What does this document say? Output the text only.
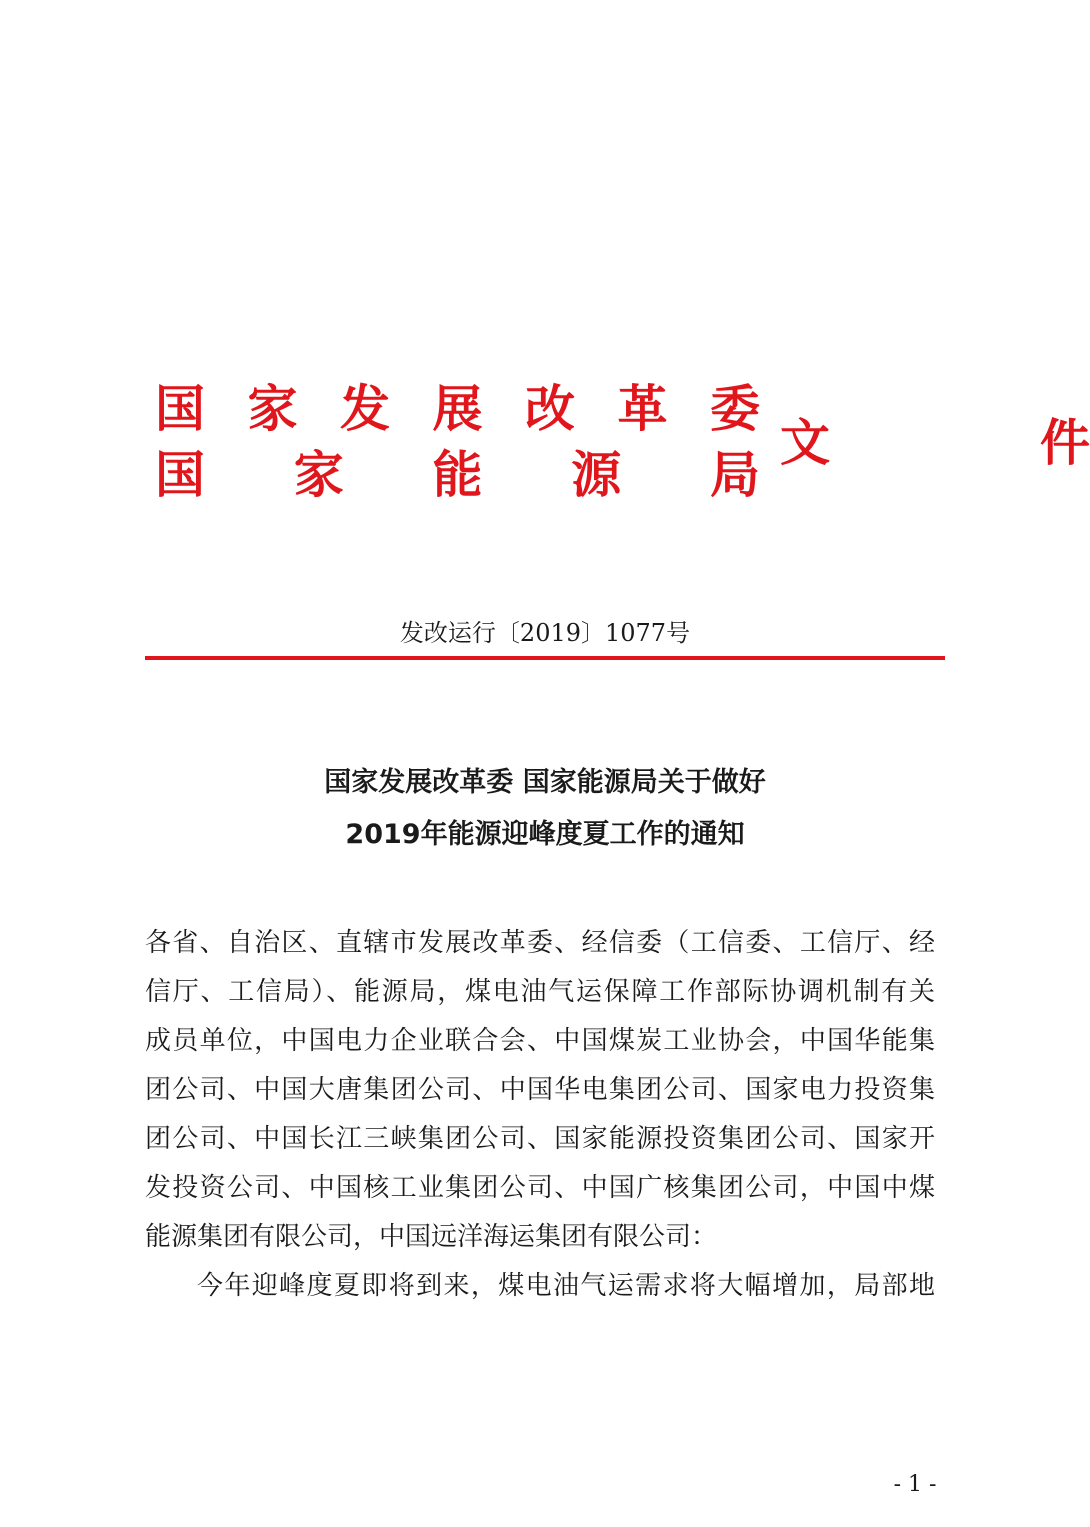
国 家 发 展 改 革 委
国 家 能 源 局
文	件
发改运行〔2019〕1077号
国家发展改革委 国家能源局关于做好
2019年能源迎峰度夏工作的通知
各省、自治区、直辖市发展改革委、经信委（工信委、工信厅、经
信厅、工信局）、能源局，煤电油气运保障工作部际协调机制有关
成员单位，中国电力企业联合会、中国煤炭工业协会，中国华能集
团公司、中国大唐集团公司、中国华电集团公司、国家电力投资集
团公司、中国长江三峡集团公司、国家能源投资集团公司、国家开
发投资公司、中国核工业集团公司、中国广核集团公司，中国中煤
能源集团有限公司，中国远洋海运集团有限公司：
今年迎峰度夏即将到来，煤电油气运需求将大幅增加，局部地
- 1 -
